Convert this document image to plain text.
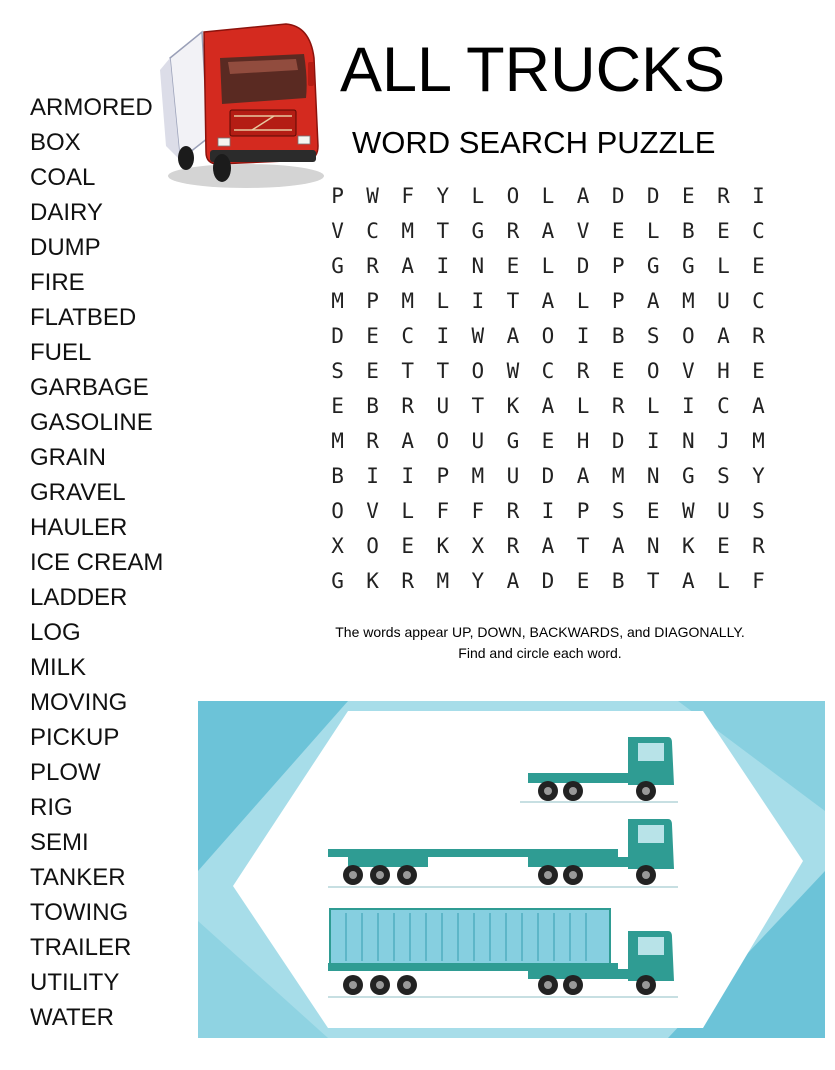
ARMORED
BOX
COAL
DAIRY
DUMP
FIRE
FLATBED
FUEL
GARBAGE
GASOLINE
GRAIN
GRAVEL
HAULER
ICE CREAM
LADDER
LOG
MILK
MOVING
PICKUP
PLOW
RIG
SEMI
TANKER
TOWING
TRAILER
UTILITY
WATER
ALL TRUCKS
WORD SEARCH PUZZLE
P	W	F	Y	L	O	L	A	D	D	E	R	I
V	C	M	T	G	R	A	V	E	L	B	E	C
G	R	A	I	N	E	L	D	P	G	G	L	E
M	P	M	L	I	T	A	L	P	A	M	U	C
D	E	C	I	W	A	O	I	B	S	O	A	R
S	E	T	T	O	W	C	R	E	O	V	H	E
E	B	R	U	T	K	A	L	R	L	I	C	A
M	R	A	O	U	G	E	H	D	I	N	J	M
B	I	I	P	M	U	D	A	M	N	G	S	Y
O	V	L	F	F	R	I	P	S	E	W	U	S
X	O	E	K	X	R	A	T	A	N	K	E	R
G	K	R	M	Y	A	D	E	B	T	A	L	F
The words appear UP, DOWN, BACKWARDS, and DIAGONALLY.
Find and circle each word.
